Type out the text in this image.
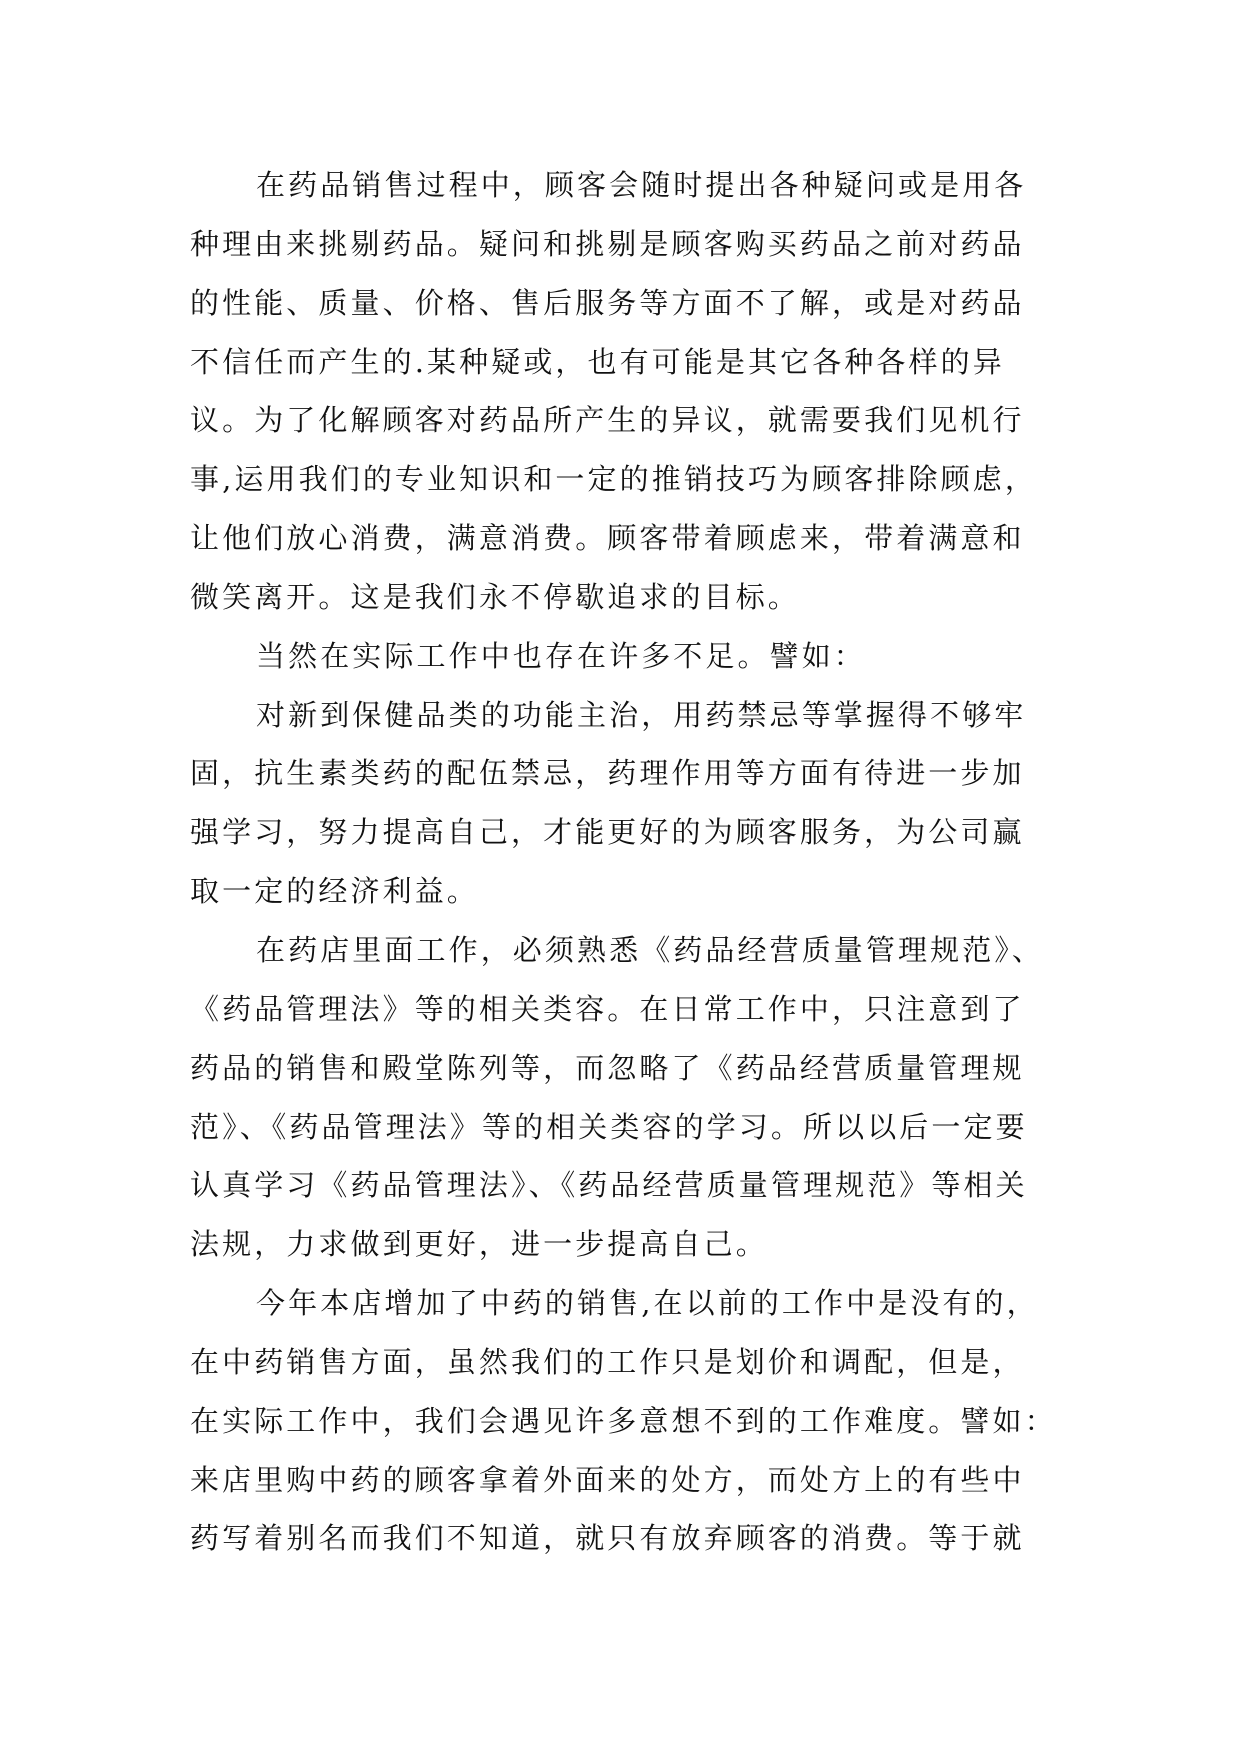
在药品销售过程中，顾客会随时提出各种疑问或是用各
种理由来挑剔药品。疑问和挑剔是顾客购买药品之前对药品
的性能、质量、价格、售后服务等方面不了解，或是对药品
不信任而产生的.某种疑或，也有可能是其它各种各样的异
议。为了化解顾客对药品所产生的异议，就需要我们见机行
事,运用我们的专业知识和一定的推销技巧为顾客排除顾虑，
让他们放心消费，满意消费。顾客带着顾虑来，带着满意和
微笑离开。这是我们永不停歇追求的目标。
当然在实际工作中也存在许多不足。譬如：
对新到保健品类的功能主治，用药禁忌等掌握得不够牢
固，抗生素类药的配伍禁忌，药理作用等方面有待进一步加
强学习，努力提高自己，才能更好的为顾客服务，为公司赢
取一定的经济利益。
在药店里面工作，必须熟悉《药品经营质量管理规范》、
《药品管理法》等的相关类容。在日常工作中，只注意到了
药品的销售和殿堂陈列等，而忽略了《药品经营质量管理规
范》、《药品管理法》等的相关类容的学习。所以以后一定要
认真学习《药品管理法》、《药品经营质量管理规范》等相关
法规，力求做到更好，进一步提高自己。
今年本店增加了中药的销售,在以前的工作中是没有的，
在中药销售方面，虽然我们的工作只是划价和调配，但是，
在实际工作中，我们会遇见许多意想不到的工作难度。譬如：
来店里购中药的顾客拿着外面来的处方，而处方上的有些中
药写着别名而我们不知道，就只有放弃顾客的消费。等于就
